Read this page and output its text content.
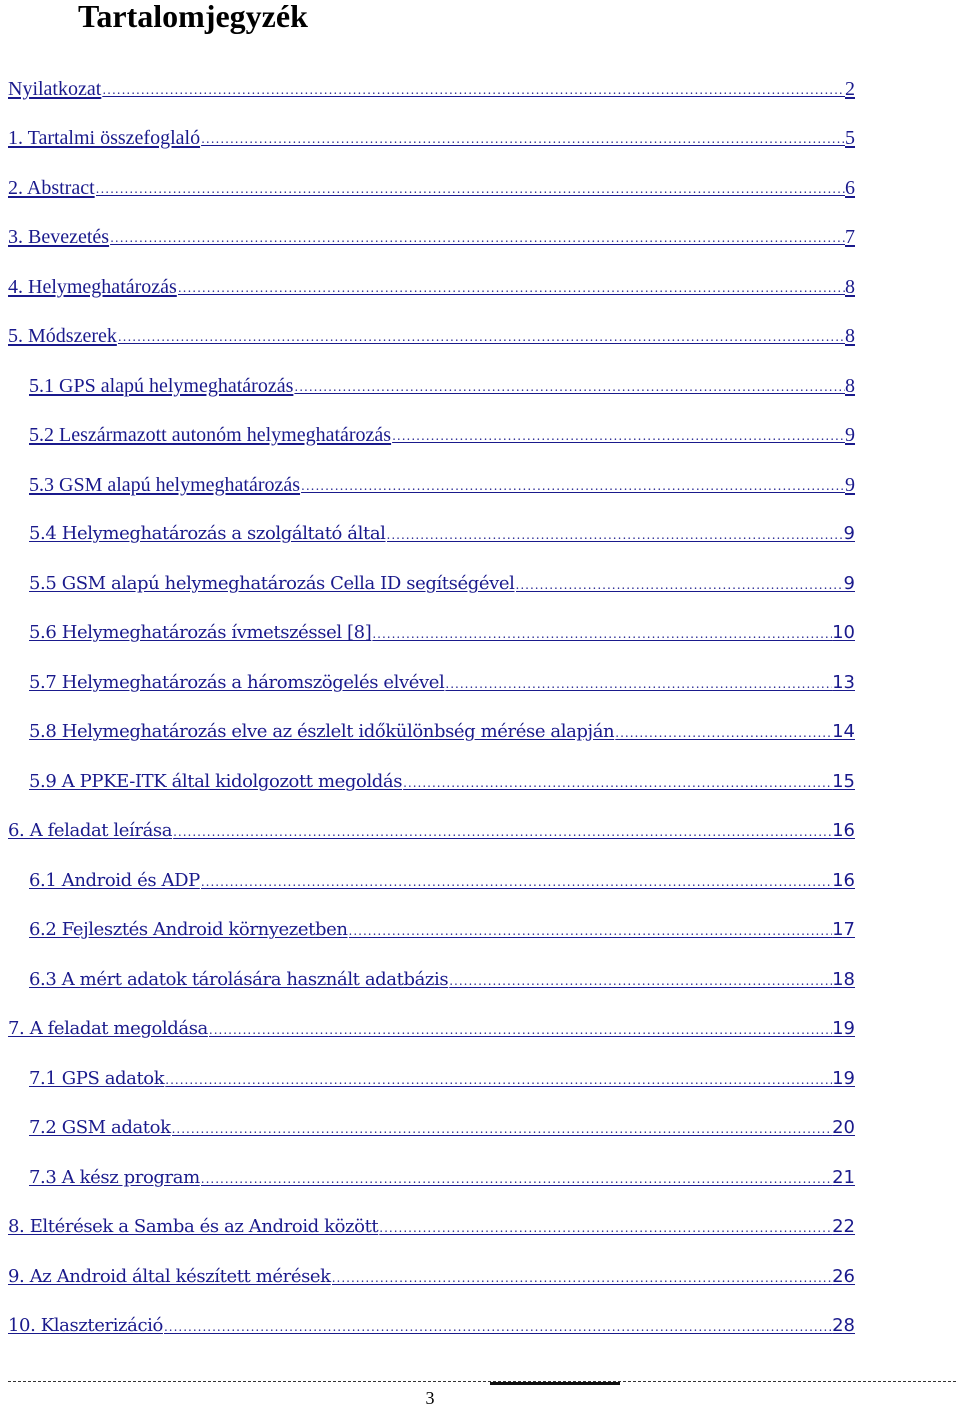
Tartalomjegyzék
Nyilatkozat .....	2
1. Tartalmi összefoglaló .....	5
2. Abstract .....	6
3. Bevezetés .....	7
4. Helymeghatározás .....	8
5. Módszerek .....	8
5.1 GPS alapú helymeghatározás .....	8
5.2 Leszármazott autonóm helymeghatározás .....	9
5.3 GSM alapú helymeghatározás .....	9
5.4 Helymeghatározás a szolgáltató által .....	9
5.5 GSM alapú helymeghatározás Cella ID segítségével .....	9
5.6 Helymeghatározás ívmetszéssel [8] .....	10
5.7 Helymeghatározás a háromszögelés elvével .....	13
5.8 Helymeghatározás elve az észlelt időkülönbség mérése alapján .....	14
5.9 A PPKE-ITK által kidolgozott megoldás .....	15
6. A feladat leírása .....	16
6.1 Android és ADP .....	16
6.2 Fejlesztés Android környezetben .....	17
6.3 A mért adatok tárolására használt adatbázis .....	18
7. A feladat megoldása .....	19
7.1 GPS adatok .....	19
7.2 GSM adatok .....	20
7.3 A kész program .....	21
8. Eltérések a Samba és az Android között .....	22
9. Az Android által készített mérések .....	26
10. Klaszterizáció .....	28
3
